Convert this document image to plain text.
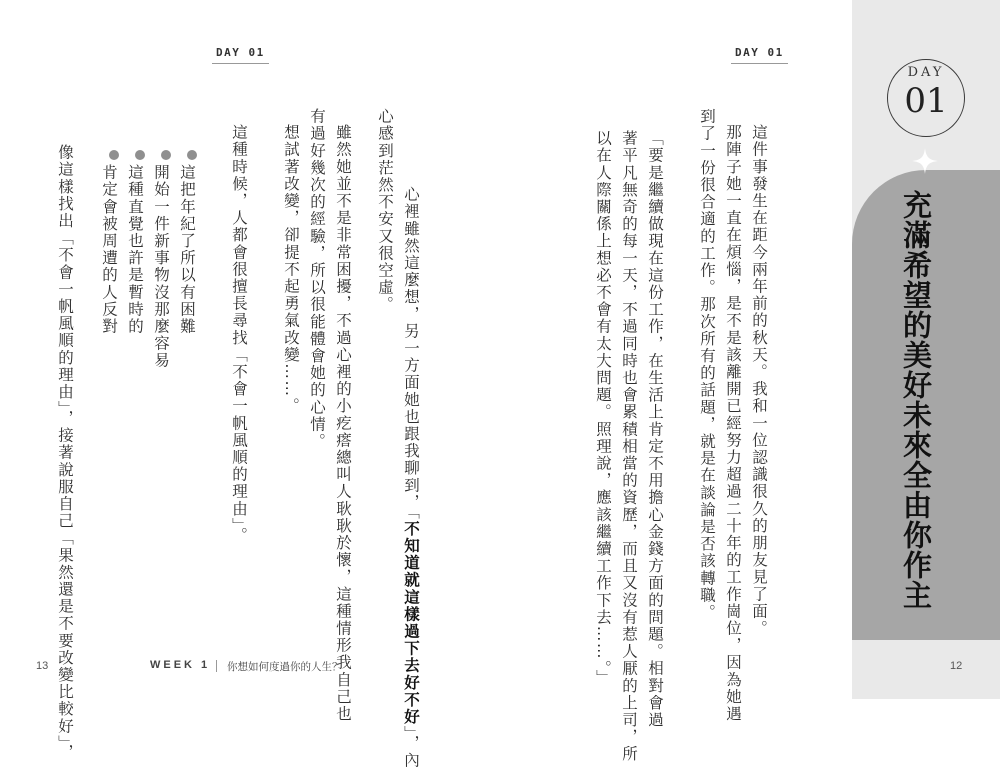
DAY 01
心裡雖然這麼想，另一方面她也跟我聊到，「不知道就這樣過下去好不好」，內
心感到茫然不安又很空虛。
雖然她並不是非常困擾，不過心裡的小疙瘩總叫人耿耿於懷，這種情形我自己也
有過好幾次的經驗，所以很能體會她的心情。
想試著改變，卻提不起勇氣改變……。
這種時候，人都會很擅長尋找「不會一帆風順的理由」。
這把年紀了所以有困難
開始一件新事物沒那麼容易
這種直覺也許是暫時的
肯定會被周遭的人反對
像這樣找出「不會一帆風順的理由」，接著說服自己「果然還是不要改變比較好」，
DAY 01
這件事發生在距今兩年前的秋天。我和一位認識很久的朋友見了面。
那陣子她一直在煩惱，是不是該離開已經努力超過二十年的工作崗位，因為她遇
到了一份很合適的工作。那次所有的話題，就是在談論是否該轉職。
「要是繼續做現在這份工作，在生活上肯定不用擔心金錢方面的問題。相對會過
著平凡無奇的每一天，不過同時也會累積相當的資歷，而且又沒有惹人厭的上司，所
以在人際關係上想必不會有太大問題。照理說，應該繼續工作下去……。」
DAY
01
充滿希望的美好未來全由你作主
13	WEEK 1 你想如何度過你的人生？	12
